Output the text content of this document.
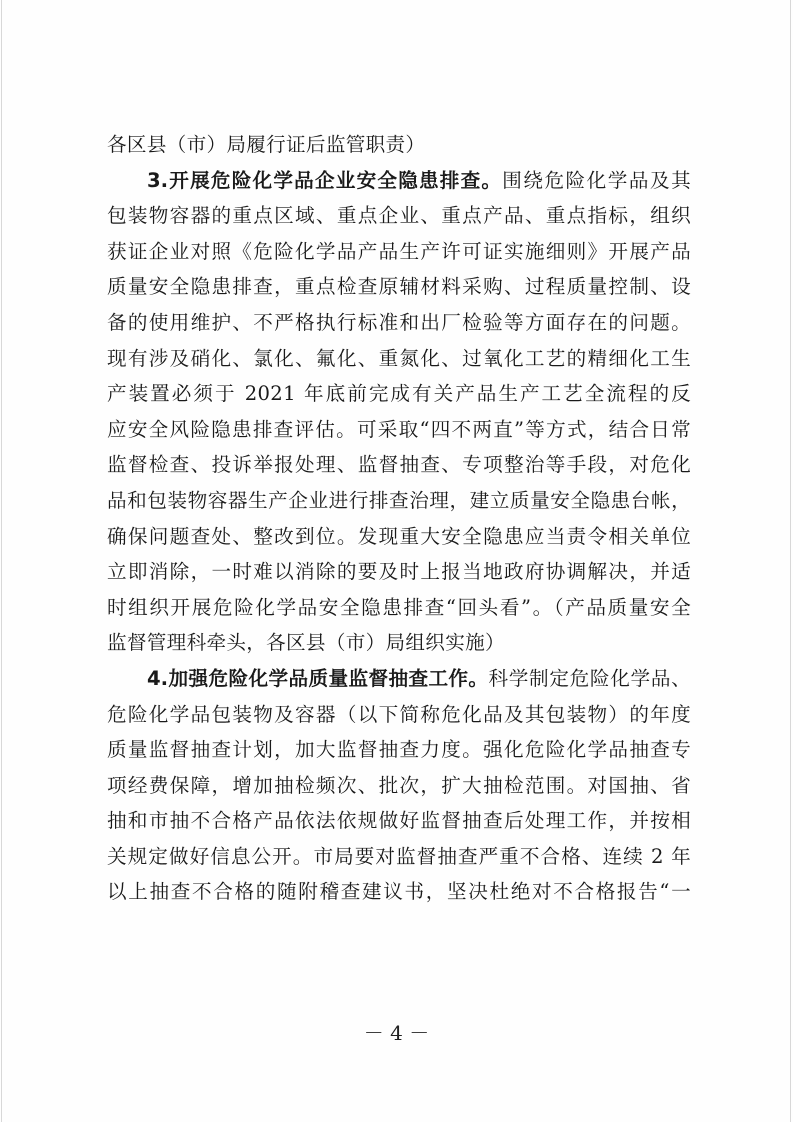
各区县（市）局履行证后监管职责）
3.开展危险化学品企业安全隐患排查。围绕危险化学品及其
包装物容器的重点区域、重点企业、重点产品、重点指标，组织
获证企业对照《危险化学品产品生产许可证实施细则》开展产品
质量安全隐患排查，重点检查原辅材料采购、过程质量控制、设
备的使用维护、不严格执行标准和出厂检验等方面存在的问题。
现有涉及硝化、氯化、氟化、重氮化、过氧化工艺的精细化工生
产装置必须于 2021 年底前完成有关产品生产工艺全流程的反
应安全风险隐患排查评估。可采取“四不两直”等方式，结合日常
监督检查、投诉举报处理、监督抽查、专项整治等手段，对危化
品和包装物容器生产企业进行排查治理，建立质量安全隐患台帐，
确保问题查处、整改到位。发现重大安全隐患应当责令相关单位
立即消除，一时难以消除的要及时上报当地政府协调解决，并适
时组织开展危险化学品安全隐患排查“回头看”。（产品质量安全
监督管理科牵头，各区县（市）局组织实施）
4.加强危险化学品质量监督抽查工作。科学制定危险化学品、
危险化学品包装物及容器（以下简称危化品及其包装物）的年度
质量监督抽查计划，加大监督抽查力度。强化危险化学品抽查专
项经费保障，增加抽检频次、批次，扩大抽检范围。对国抽、省
抽和市抽不合格产品依法依规做好监督抽查后处理工作，并按相
关规定做好信息公开。市局要对监督抽查严重不合格、连续 2 年
以上抽查不合格的随附稽查建议书，坚决杜绝对不合格报告“一
－ 4 －
